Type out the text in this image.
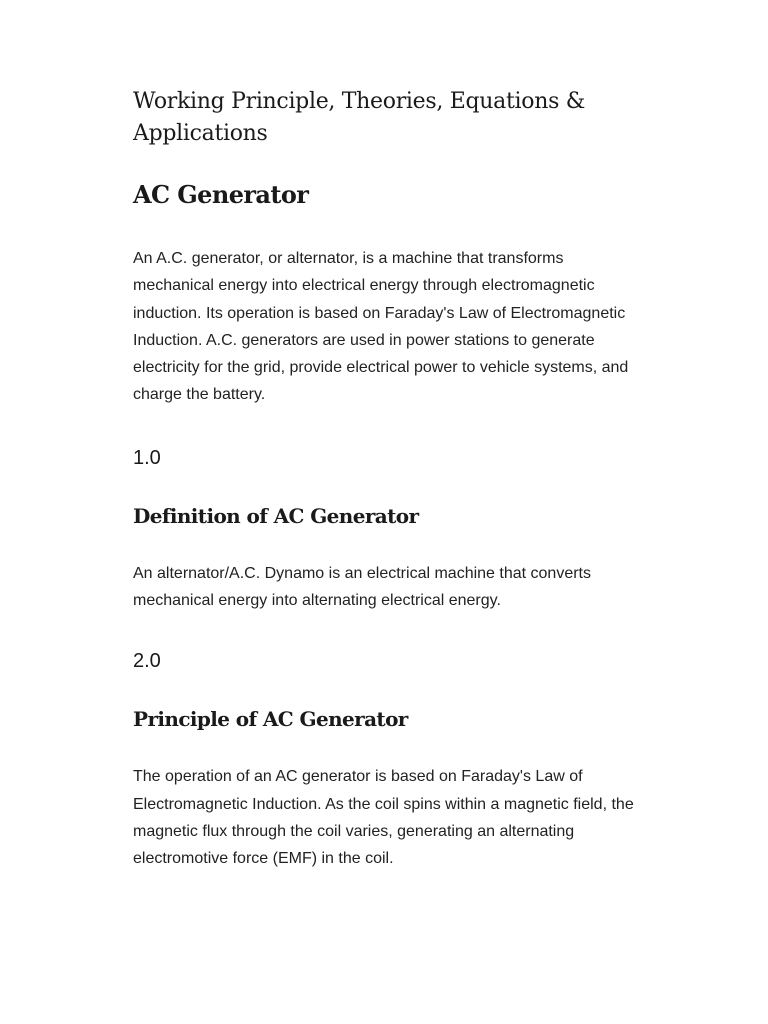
Working Principle, Theories, Equations & Applications
AC Generator

An A.C. generator, or alternator, is a machine that transforms mechanical energy into electrical energy through electromagnetic induction. Its operation is based on Faraday's Law of Electromagnetic Induction. A.C. generators are used in power stations to generate electricity for the grid, provide electrical power to vehicle systems, and charge the battery.

1.0
Definition of AC Generator

An alternator/A.C. Dynamo is an electrical machine that converts mechanical energy into alternating electrical energy.

2.0
Principle of AC Generator

The operation of an AC generator is based on Faraday's Law of Electromagnetic Induction. As the coil spins within a magnetic field, the magnetic flux through the coil varies, generating an alternating electromotive force (EMF) in the coil.
